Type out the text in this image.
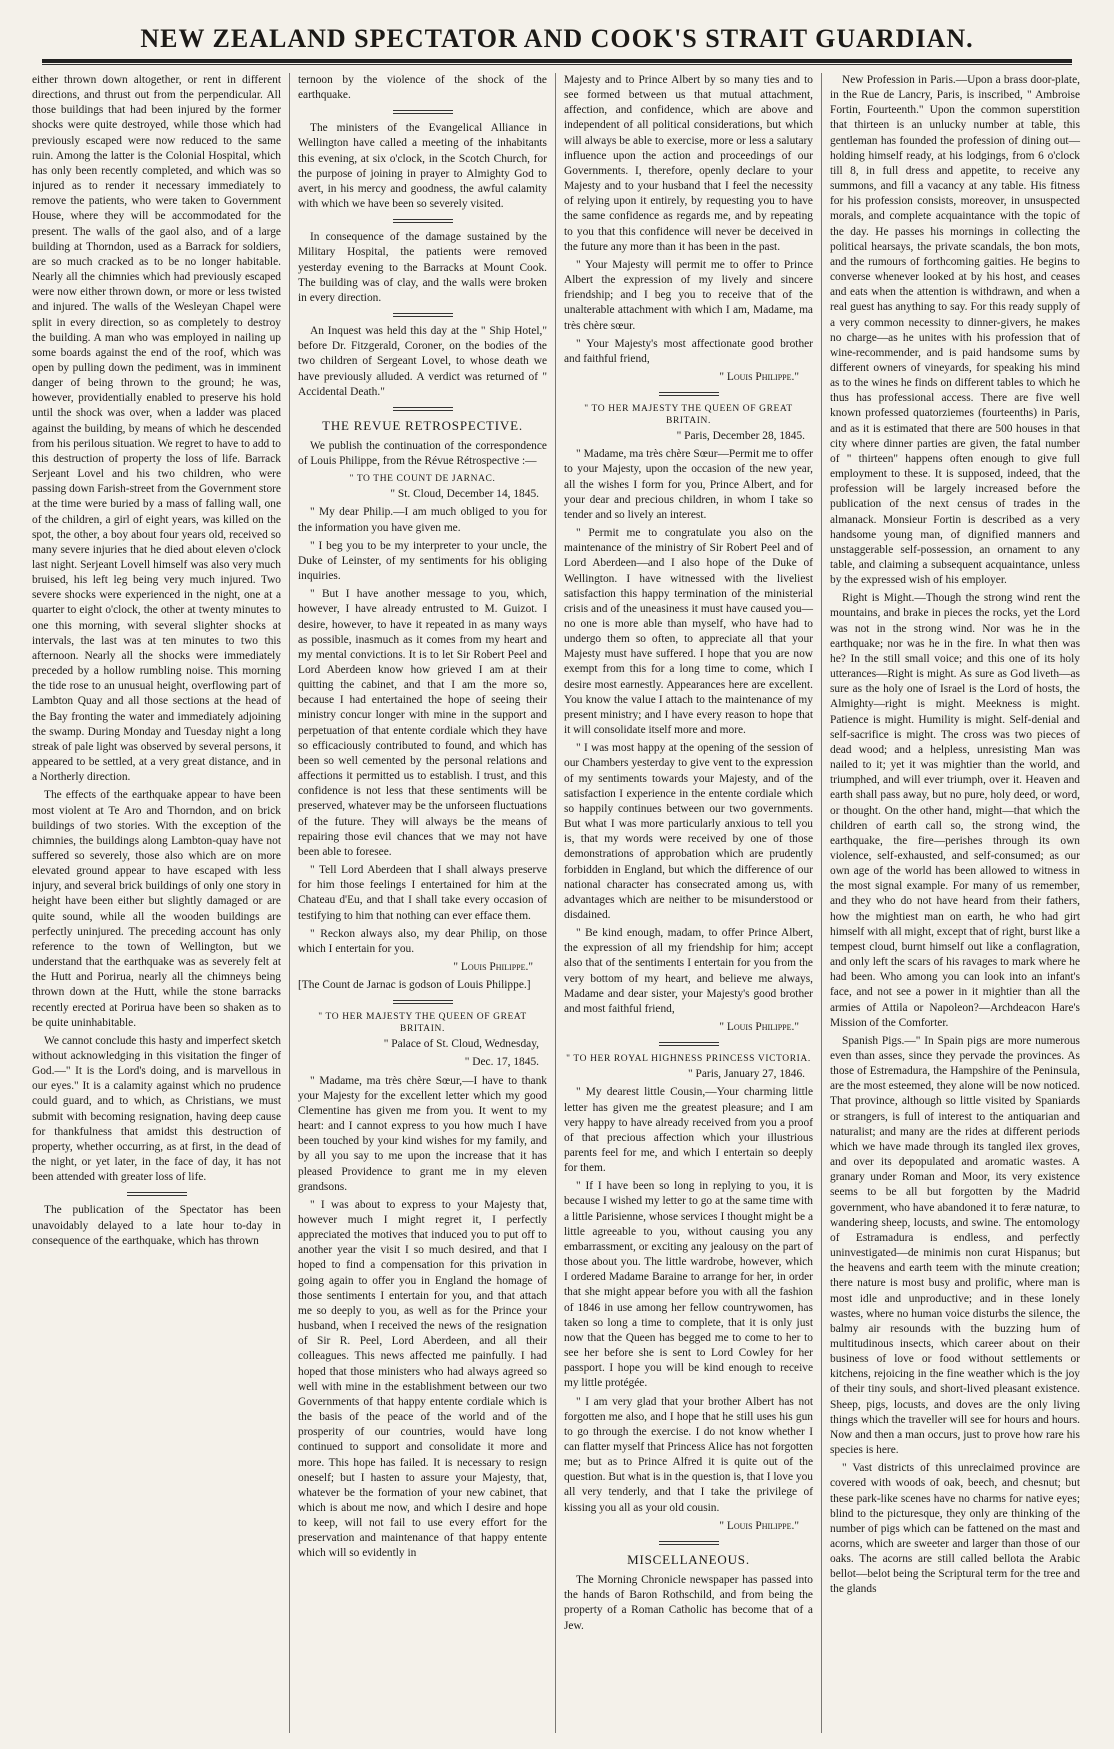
NEW ZEALAND SPECTATOR AND COOK'S STRAIT GUARDIAN.

either thrown down altogether, or rent in different directions, and thrust out from the perpendicular. All those buildings that had been injured by the former shocks were quite destroyed, while those which had previously escaped were now reduced to the same ruin. Among the latter is the Colonial Hospital, which has only been recently completed, and which was so injured as to render it necessary immediately to remove the patients, who were taken to Government House, where they will be accommodated for the present. The walls of the gaol also, and of a large building at Thorndon, used as a Barrack for soldiers, are so much cracked as to be no longer habitable. Nearly all the chimnies which had previously escaped were now either thrown down, or more or less twisted and injured. The walls of the Wesleyan Chapel were split in every direction, so as completely to destroy the building. A man who was employed in nailing up some boards against the end of the roof, which was open by pulling down the pediment, was in imminent danger of being thrown to the ground; he was, however, providentially enabled to preserve his hold until the shock was over, when a ladder was placed against the building, by means of which he descended from his perilous situation. We regret to have to add to this destruction of property the loss of life. Barrack Serjeant Lovel and his two children, who were passing down Farish-street from the Government store at the time were buried by a mass of falling wall, one of the children, a girl of eight years, was killed on the spot, the other, a boy about four years old, received so many severe injuries that he died about eleven o'clock last night. Serjeant Lovell himself was also very much bruised, his left leg being very much injured. Two severe shocks were experienced in the night, one at a quarter to eight o'clock, the other at twenty minutes to one this morning, with several slighter shocks at intervals, the last was at ten minutes to two this afternoon. Nearly all the shocks were immediately preceded by a hollow rumbling noise. This morning the tide rose to an unusual height, overflowing part of Lambton Quay and all those sections at the head of the Bay fronting the water and immediately adjoining the swamp. During Monday and Tuesday night a long streak of pale light was observed by several persons, it appeared to be settled, at a very great distance, and in a Northerly direction.

The effects of the earthquake appear to have been most violent at Te Aro and Thorndon, and on brick buildings of two stories. With the exception of the chimnies, the buildings along Lambton-quay have not suffered so severely, those also which are on more elevated ground appear to have escaped with less injury, and several brick buildings of only one story in height have been either but slightly damaged or are quite sound, while all the wooden buildings are perfectly uninjured. The preceding account has only reference to the town of Wellington, but we understand that the earthquake was as severely felt at the Hutt and Porirua, nearly all the chimneys being thrown down at the Hutt, while the stone barracks recently erected at Porirua have been so shaken as to be quite uninhabitable.

We cannot conclude this hasty and imperfect sketch without acknowledging in this visitation the finger of God.—" It is the Lord's doing, and is marvellous in our eyes." It is a calamity against which no prudence could guard, and to which, as Christians, we must submit with becoming resignation, having deep cause for thankfulness that amidst this destruction of property, whether occurring, as at first, in the dead of the night, or yet later, in the face of day, it has not been attended with greater loss of life.

The publication of the Spectator has been unavoidably delayed to a late hour to-day in consequence of the earthquake, which has thrown

ternoon by the violence of the shock of the earthquake.

The ministers of the Evangelical Alliance in Wellington have called a meeting of the inhabitants this evening, at six o'clock, in the Scotch Church, for the purpose of joining in prayer to Almighty God to avert, in his mercy and goodness, the awful calamity with which we have been so severely visited.

In consequence of the damage sustained by the Military Hospital, the patients were removed yesterday evening to the Barracks at Mount Cook. The building was of clay, and the walls were broken in every direction.

An Inquest was held this day at the " Ship Hotel," before Dr. Fitzgerald, Coroner, on the bodies of the two children of Sergeant Lovel, to whose death we have previously alluded. A verdict was returned of " Accidental Death."

THE REVUE RETROSPECTIVE.

We publish the continuation of the correspondence of Louis Philippe, from the Révue Rétrospective :—

" TO THE COUNT DE JARNAC.

" St. Cloud, December 14, 1845.

" My dear Philip.—I am much obliged to you for the information you have given me.

" I beg you to be my interpreter to your uncle, the Duke of Leinster, of my sentiments for his obliging inquiries.

" But I have another message to you, which, however, I have already entrusted to M. Guizot. I desire, however, to have it repeated in as many ways as possible, inasmuch as it comes from my heart and my mental convictions. It is to let Sir Robert Peel and Lord Aberdeen know how grieved I am at their quitting the cabinet, and that I am the more so, because I had entertained the hope of seeing their ministry concur longer with mine in the support and perpetuation of that entente cordiale which they have so efficaciously contributed to found, and which has been so well cemented by the personal relations and affections it permitted us to establish. I trust, and this confidence is not less that these sentiments will be preserved, whatever may be the unforseen fluctuations of the future. They will always be the means of repairing those evil chances that we may not have been able to foresee.

" Tell Lord Aberdeen that I shall always preserve for him those feelings I entertained for him at the Chateau d'Eu, and that I shall take every occasion of testifying to him that nothing can ever efface them.

" Reckon always also, my dear Philip, on those which I entertain for you.

" Louis Philippe."

[The Count de Jarnac is godson of Louis Philippe.]

" TO HER MAJESTY THE QUEEN OF GREAT BRITAIN.

" Palace of St. Cloud, Wednesday,

" Dec. 17, 1845.

" Madame, ma très chère Sœur,—I have to thank your Majesty for the excellent letter which my good Clementine has given me from you. It went to my heart: and I cannot express to you how much I have been touched by your kind wishes for my family, and by all you say to me upon the increase that it has pleased Providence to grant me in my eleven grandsons.

" I was about to express to your Majesty that, however much I might regret it, I perfectly appreciated the motives that induced you to put off to another year the visit I so much desired, and that I hoped to find a compensation for this privation in going again to offer you in England the homage of those sentiments I entertain for you, and that attach me so deeply to you, as well as for the Prince your husband, when I received the news of the resignation of Sir R. Peel, Lord Aberdeen, and all their colleagues. This news affected me painfully. I had hoped that those ministers who had always agreed so well with mine in the establishment between our two Governments of that happy entente cordiale which is the basis of the peace of the world and of the prosperity of our countries, would have long continued to support and consolidate it more and more. This hope has failed. It is necessary to resign oneself; but I hasten to assure your Majesty, that, whatever be the formation of your new cabinet, that which is about me now, and which I desire and hope to keep, will not fail to use every effort for the preservation and maintenance of that happy entente which will so evidently in

Majesty and to Prince Albert by so many ties and to see formed between us that mutual attachment, affection, and confidence, which are above and independent of all political considerations, but which will always be able to exercise, more or less a salutary influence upon the action and proceedings of our Governments. I, therefore, openly declare to your Majesty and to your husband that I feel the necessity of relying upon it entirely, by requesting you to have the same confidence as regards me, and by repeating to you that this confidence will never be deceived in the future any more than it has been in the past.

" Your Majesty will permit me to offer to Prince Albert the expression of my lively and sincere friendship; and I beg you to receive that of the unalterable attachment with which I am, Madame, ma très chère sœur.

" Your Majesty's most affectionate good brother and faithful friend,

" Louis Philippe."

" TO HER MAJESTY THE QUEEN OF GREAT BRITAIN.

" Paris, December 28, 1845.

" Madame, ma très chère Sœur—Permit me to offer to your Majesty, upon the occasion of the new year, all the wishes I form for you, Prince Albert, and for your dear and precious children, in whom I take so tender and so lively an interest.

" Permit me to congratulate you also on the maintenance of the ministry of Sir Robert Peel and of Lord Aberdeen—and I also hope of the Duke of Wellington. I have witnessed with the liveliest satisfaction this happy termination of the ministerial crisis and of the uneasiness it must have caused you—no one is more able than myself, who have had to undergo them so often, to appreciate all that your Majesty must have suffered. I hope that you are now exempt from this for a long time to come, which I desire most earnestly. Appearances here are excellent. You know the value I attach to the maintenance of my present ministry; and I have every reason to hope that it will consolidate itself more and more.

" I was most happy at the opening of the session of our Chambers yesterday to give vent to the expression of my sentiments towards your Majesty, and of the satisfaction I experience in the entente cordiale which so happily continues between our two governments. But what I was more particularly anxious to tell you is, that my words were received by one of those demonstrations of approbation which are prudently forbidden in England, but which the difference of our national character has consecrated among us, with advantages which are neither to be misunderstood or disdained.

" Be kind enough, madam, to offer Prince Albert, the expression of all my friendship for him; accept also that of the sentiments I entertain for you from the very bottom of my heart, and believe me always, Madame and dear sister, your Majesty's good brother and most faithful friend,

" Louis Philippe."

" TO HER ROYAL HIGHNESS PRINCESS VICTORIA.

" Paris, January 27, 1846.

" My dearest little Cousin,—Your charming little letter has given me the greatest pleasure; and I am very happy to have already received from you a proof of that precious affection which your illustrious parents feel for me, and which I entertain so deeply for them.

" If I have been so long in replying to you, it is because I wished my letter to go at the same time with a little Parisienne, whose services I thought might be a little agreeable to you, without causing you any embarrassment, or exciting any jealousy on the part of those about you. The little wardrobe, however, which I ordered Madame Baraine to arrange for her, in order that she might appear before you with all the fashion of 1846 in use among her fellow countrywomen, has taken so long a time to complete, that it is only just now that the Queen has begged me to come to her to see her before she is sent to Lord Cowley for her passport. I hope you will be kind enough to receive my little protégée.

" I am very glad that your brother Albert has not forgotten me also, and I hope that he still uses his gun to go through the exercise. I do not know whether I can flatter myself that Princess Alice has not forgotten me; but as to Prince Alfred it is quite out of the question. But what is in the question is, that I love you all very tenderly, and that I take the privilege of kissing you all as your old cousin.

" Louis Philippe."

MISCELLANEOUS.

The Morning Chronicle newspaper has passed into the hands of Baron Rothschild, and from being the property of a Roman Catholic has become that of a Jew.

New Profession in Paris.—Upon a brass door-plate, in the Rue de Lancry, Paris, is inscribed, " Ambroise Fortin, Fourteenth." Upon the common superstition that thirteen is an unlucky number at table, this gentleman has founded the profession of dining out—holding himself ready, at his lodgings, from 6 o'clock till 8, in full dress and appetite, to receive any summons, and fill a vacancy at any table. His fitness for his profession consists, moreover, in unsuspected morals, and complete acquaintance with the topic of the day. He passes his mornings in collecting the political hearsays, the private scandals, the bon mots, and the rumours of forthcoming gaities. He begins to converse whenever looked at by his host, and ceases and eats when the attention is withdrawn, and when a real guest has anything to say. For this ready supply of a very common necessity to dinner-givers, he makes no charge—as he unites with his profession that of wine-recommender, and is paid handsome sums by different owners of vineyards, for speaking his mind as to the wines he finds on different tables to which he thus has professional access. There are five well known professed quatorziemes (fourteenths) in Paris, and as it is estimated that there are 500 houses in that city where dinner parties are given, the fatal number of " thirteen" happens often enough to give full employment to these. It is supposed, indeed, that the profession will be largely increased before the publication of the next census of trades in the almanack. Monsieur Fortin is described as a very handsome young man, of dignified manners and unstaggerable self-possession, an ornament to any table, and claiming a subsequent acquaintance, unless by the expressed wish of his employer.

Right is Might.—Though the strong wind rent the mountains, and brake in pieces the rocks, yet the Lord was not in the strong wind. Nor was he in the earthquake; nor was he in the fire. In what then was he? In the still small voice; and this one of its holy utterances—Right is might. As sure as God liveth—as sure as the holy one of Israel is the Lord of hosts, the Almighty—right is might. Meekness is might. Patience is might. Humility is might. Self-denial and self-sacrifice is might. The cross was two pieces of dead wood; and a helpless, unresisting Man was nailed to it; yet it was mightier than the world, and triumphed, and will ever triumph, over it. Heaven and earth shall pass away, but no pure, holy deed, or word, or thought. On the other hand, might—that which the children of earth call so, the strong wind, the earthquake, the fire—perishes through its own violence, self-exhausted, and self-consumed; as our own age of the world has been allowed to witness in the most signal example. For many of us remember, and they who do not have heard from their fathers, how the mightiest man on earth, he who had girt himself with all might, except that of right, burst like a tempest cloud, burnt himself out like a conflagration, and only left the scars of his ravages to mark where he had been. Who among you can look into an infant's face, and not see a power in it mightier than all the armies of Attila or Napoleon?—Archdeacon Hare's Mission of the Comforter.

Spanish Pigs.—" In Spain pigs are more numerous even than asses, since they pervade the provinces. As those of Estremadura, the Hampshire of the Peninsula, are the most esteemed, they alone will be now noticed. That province, although so little visited by Spaniards or strangers, is full of interest to the antiquarian and naturalist; and many are the rides at different periods which we have made through its tangled ilex groves, and over its depopulated and aromatic wastes. A granary under Roman and Moor, its very existence seems to be all but forgotten by the Madrid government, who have abandoned it to feræ naturæ, to wandering sheep, locusts, and swine. The entomology of Estramadura is endless, and perfectly uninvestigated—de minimis non curat Hispanus; but the heavens and earth teem with the minute creation; there nature is most busy and prolific, where man is most idle and unproductive; and in these lonely wastes, where no human voice disturbs the silence, the balmy air resounds with the buzzing hum of multitudinous insects, which career about on their business of love or food without settlements or kitchens, rejoicing in the fine weather which is the joy of their tiny souls, and short-lived pleasant existence. Sheep, pigs, locusts, and doves are the only living things which the traveller will see for hours and hours. Now and then a man occurs, just to prove how rare his species is here.

" Vast districts of this unreclaimed province are covered with woods of oak, beech, and chesnut; but these park-like scenes have no charms for native eyes; blind to the picturesque, they only are thinking of the number of pigs which can be fattened on the mast and acorns, which are sweeter and larger than those of our oaks. The acorns are still called bellota the Arabic bellot—belot being the Scriptural term for the tree and the glands
